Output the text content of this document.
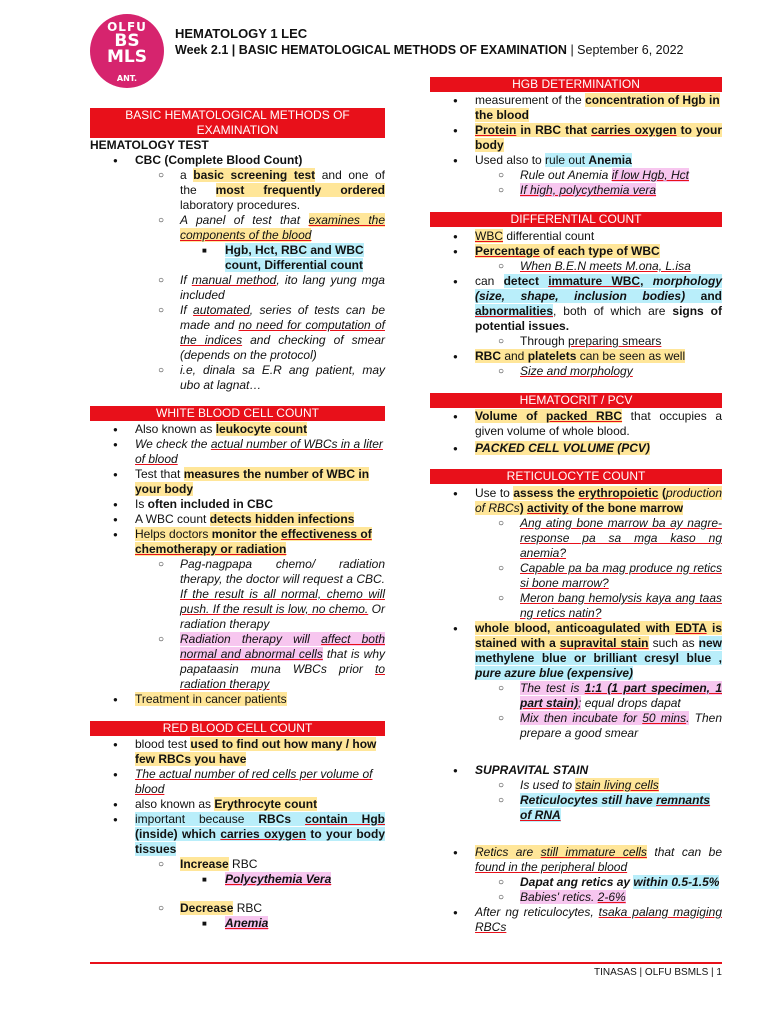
OLFU
BS
MLS
ANT.
HEMATOLOGY 1 LEC
Week 2.1 | BASIC HEMATOLOGICAL METHODS OF EXAMINATION | September 6, 2022
BASIC HEMATOLOGICAL METHODS OF EXAMINATION
HEMATOLOGY TEST
● CBC (Complete Blood Count)
○ a basic screening test and one of the most frequently ordered laboratory procedures.
○ A panel of test that examines the components of the blood
■ Hgb, Hct, RBC and WBC count, Differential count
○ If manual method, ito lang yung mga included
○ If automated, series of tests can be made and no need for computation of the indices and checking of smear (depends on the protocol)
○ i.e, dinala sa E.R ang patient, may ubo at lagnat…
WHITE BLOOD CELL COUNT
● Also known as leukocyte count
● We check the actual number of WBCs in a liter of blood
● Test that measures the number of WBC in your body
● Is often included in CBC
● A WBC count detects hidden infections
● Helps doctors monitor the effectiveness of chemotherapy or radiation
○ Pag-nagpapa chemo/ radiation therapy, the doctor will request a CBC. If the result is all normal, chemo will push. If the result is low, no chemo. Or radiation therapy
○ Radiation therapy will affect both normal and abnormal cells that is why papataasin muna WBCs prior to radiation therapy
● Treatment in cancer patients
RED BLOOD CELL COUNT
● blood test used to find out how many / how few RBCs you have
● The actual number of red cells per volume of blood
● also known as Erythrocyte count
● important because RBCs contain Hgb (inside) which carries oxygen to your body tissues
○ Increase RBC
■ Polycythemia Vera
○ Decrease RBC
■ Anemia
HGB DETERMINATION
● measurement of the concentration of Hgb in the blood
● Protein in RBC that carries oxygen to your body
● Used also to rule out Anemia
○ Rule out Anemia if low Hgb, Hct
○ If high, polycythemia vera
DIFFERENTIAL COUNT
● WBC differential count
● Percentage of each type of WBC
○ When B.E.N meets M.ona, L.isa
● can detect immature WBC, morphology (size, shape, inclusion bodies) and abnormalities, both of which are signs of potential issues.
○ Through preparing smears
● RBC and platelets can be seen as well
○ Size and morphology
HEMATOCRIT / PCV
● Volume of packed RBC that occupies a given volume of whole blood.
● PACKED CELL VOLUME (PCV)
RETICULOCYTE COUNT
● Use to assess the erythropoietic (production of RBCs) activity of the bone marrow
○ Ang ating bone marrow ba ay nagre-response pa sa mga kaso ng anemia?
○ Capable pa ba mag produce ng retics si bone marrow?
○ Meron bang hemolysis kaya ang taas ng retics natin?
● whole blood, anticoagulated with EDTA is stained with a supravital stain such as new methylene blue or brilliant cresyl blue , pure azure blue (expensive)
○ The test is 1:1 (1 part specimen, 1 part stain); equal drops dapat
○ Mix then incubate for 50 mins. Then prepare a good smear
● SUPRAVITAL STAIN
○ Is used to stain living cells
○ Reticulocytes still have remnants of RNA
● Retics are still immature cells that can be found in the peripheral blood
○ Dapat ang retics ay within 0.5-1.5%
○ Babies' retics. 2-6%
● After ng reticulocytes, tsaka palang magiging RBCs
TINASAS | OLFU BSMLS | 1
